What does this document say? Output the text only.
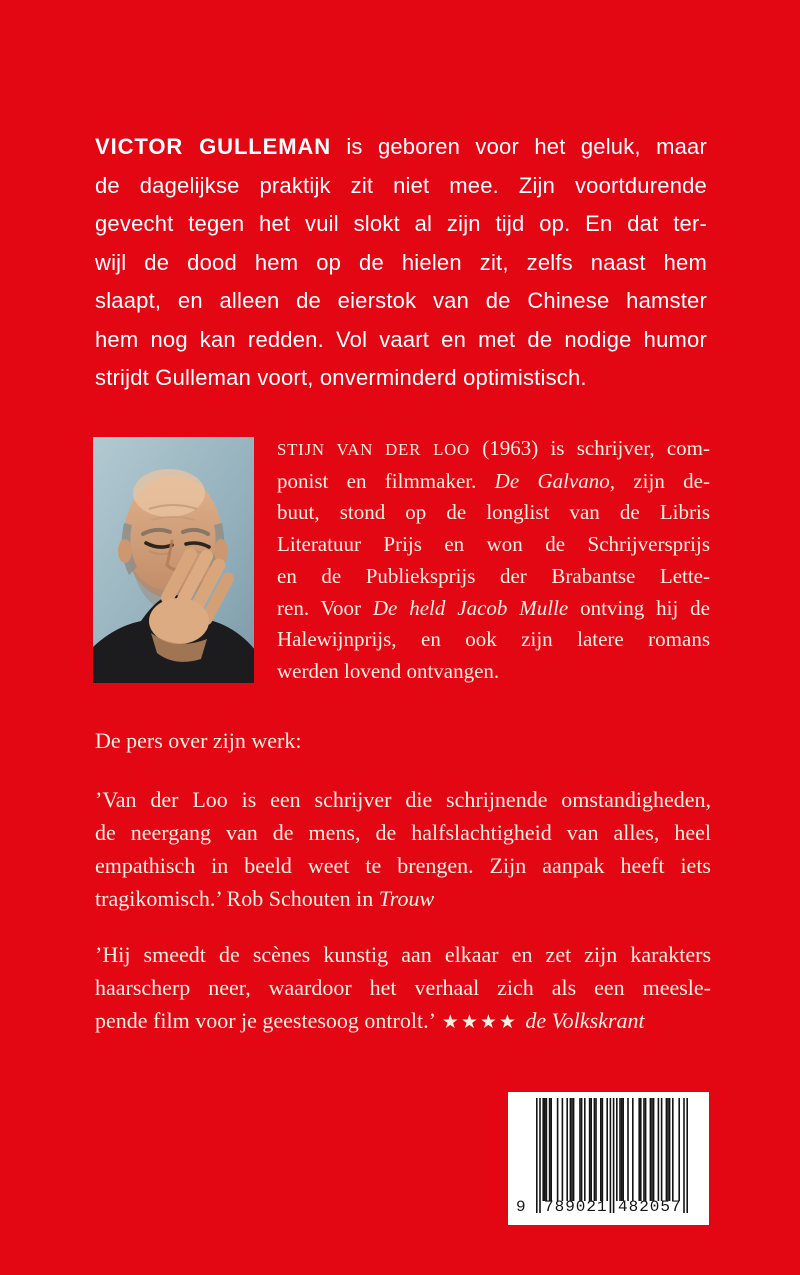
VICTOR GULLEMAN is geboren voor het geluk, maar
de dagelijkse praktijk zit niet mee. Zijn voortdurende
gevecht tegen het vuil slokt al zijn tijd op. En dat ter-
wijl de dood hem op de hielen zit, zelfs naast hem
slaapt, en alleen de eierstok van de Chinese hamster
hem nog kan redden. Vol vaart en met de nodige humor
strijdt Gulleman voort, onverminderd optimistisch.
STIJN VAN DER LOO (1963) is schrijver, com-
ponist en filmmaker. De Galvano, zijn de-
buut, stond op de longlist van de Libris
Literatuur Prijs en won de Schrijversprijs
en de Publieksprijs der Brabantse Lette-
ren. Voor De held Jacob Mulle ontving hij de
Halewijnprijs, en ook zijn latere romans
werden lovend ontvangen.
De pers over zijn werk:
’Van der Loo is een schrijver die schrijnende omstandigheden,
de neergang van de mens, de halfslachtigheid van alles, heel
empathisch in beeld weet te brengen. Zijn aanpak heeft iets
tragikomisch.’ Rob Schouten in Trouw
’Hij smeedt de scènes kunstig aan elkaar en zet zijn karakters
haarscherp neer, waardoor het verhaal zich als een meesle-
pende film voor je geestesoog ontrolt.’ ★★★★ de Volkskrant
9 789021 482057
